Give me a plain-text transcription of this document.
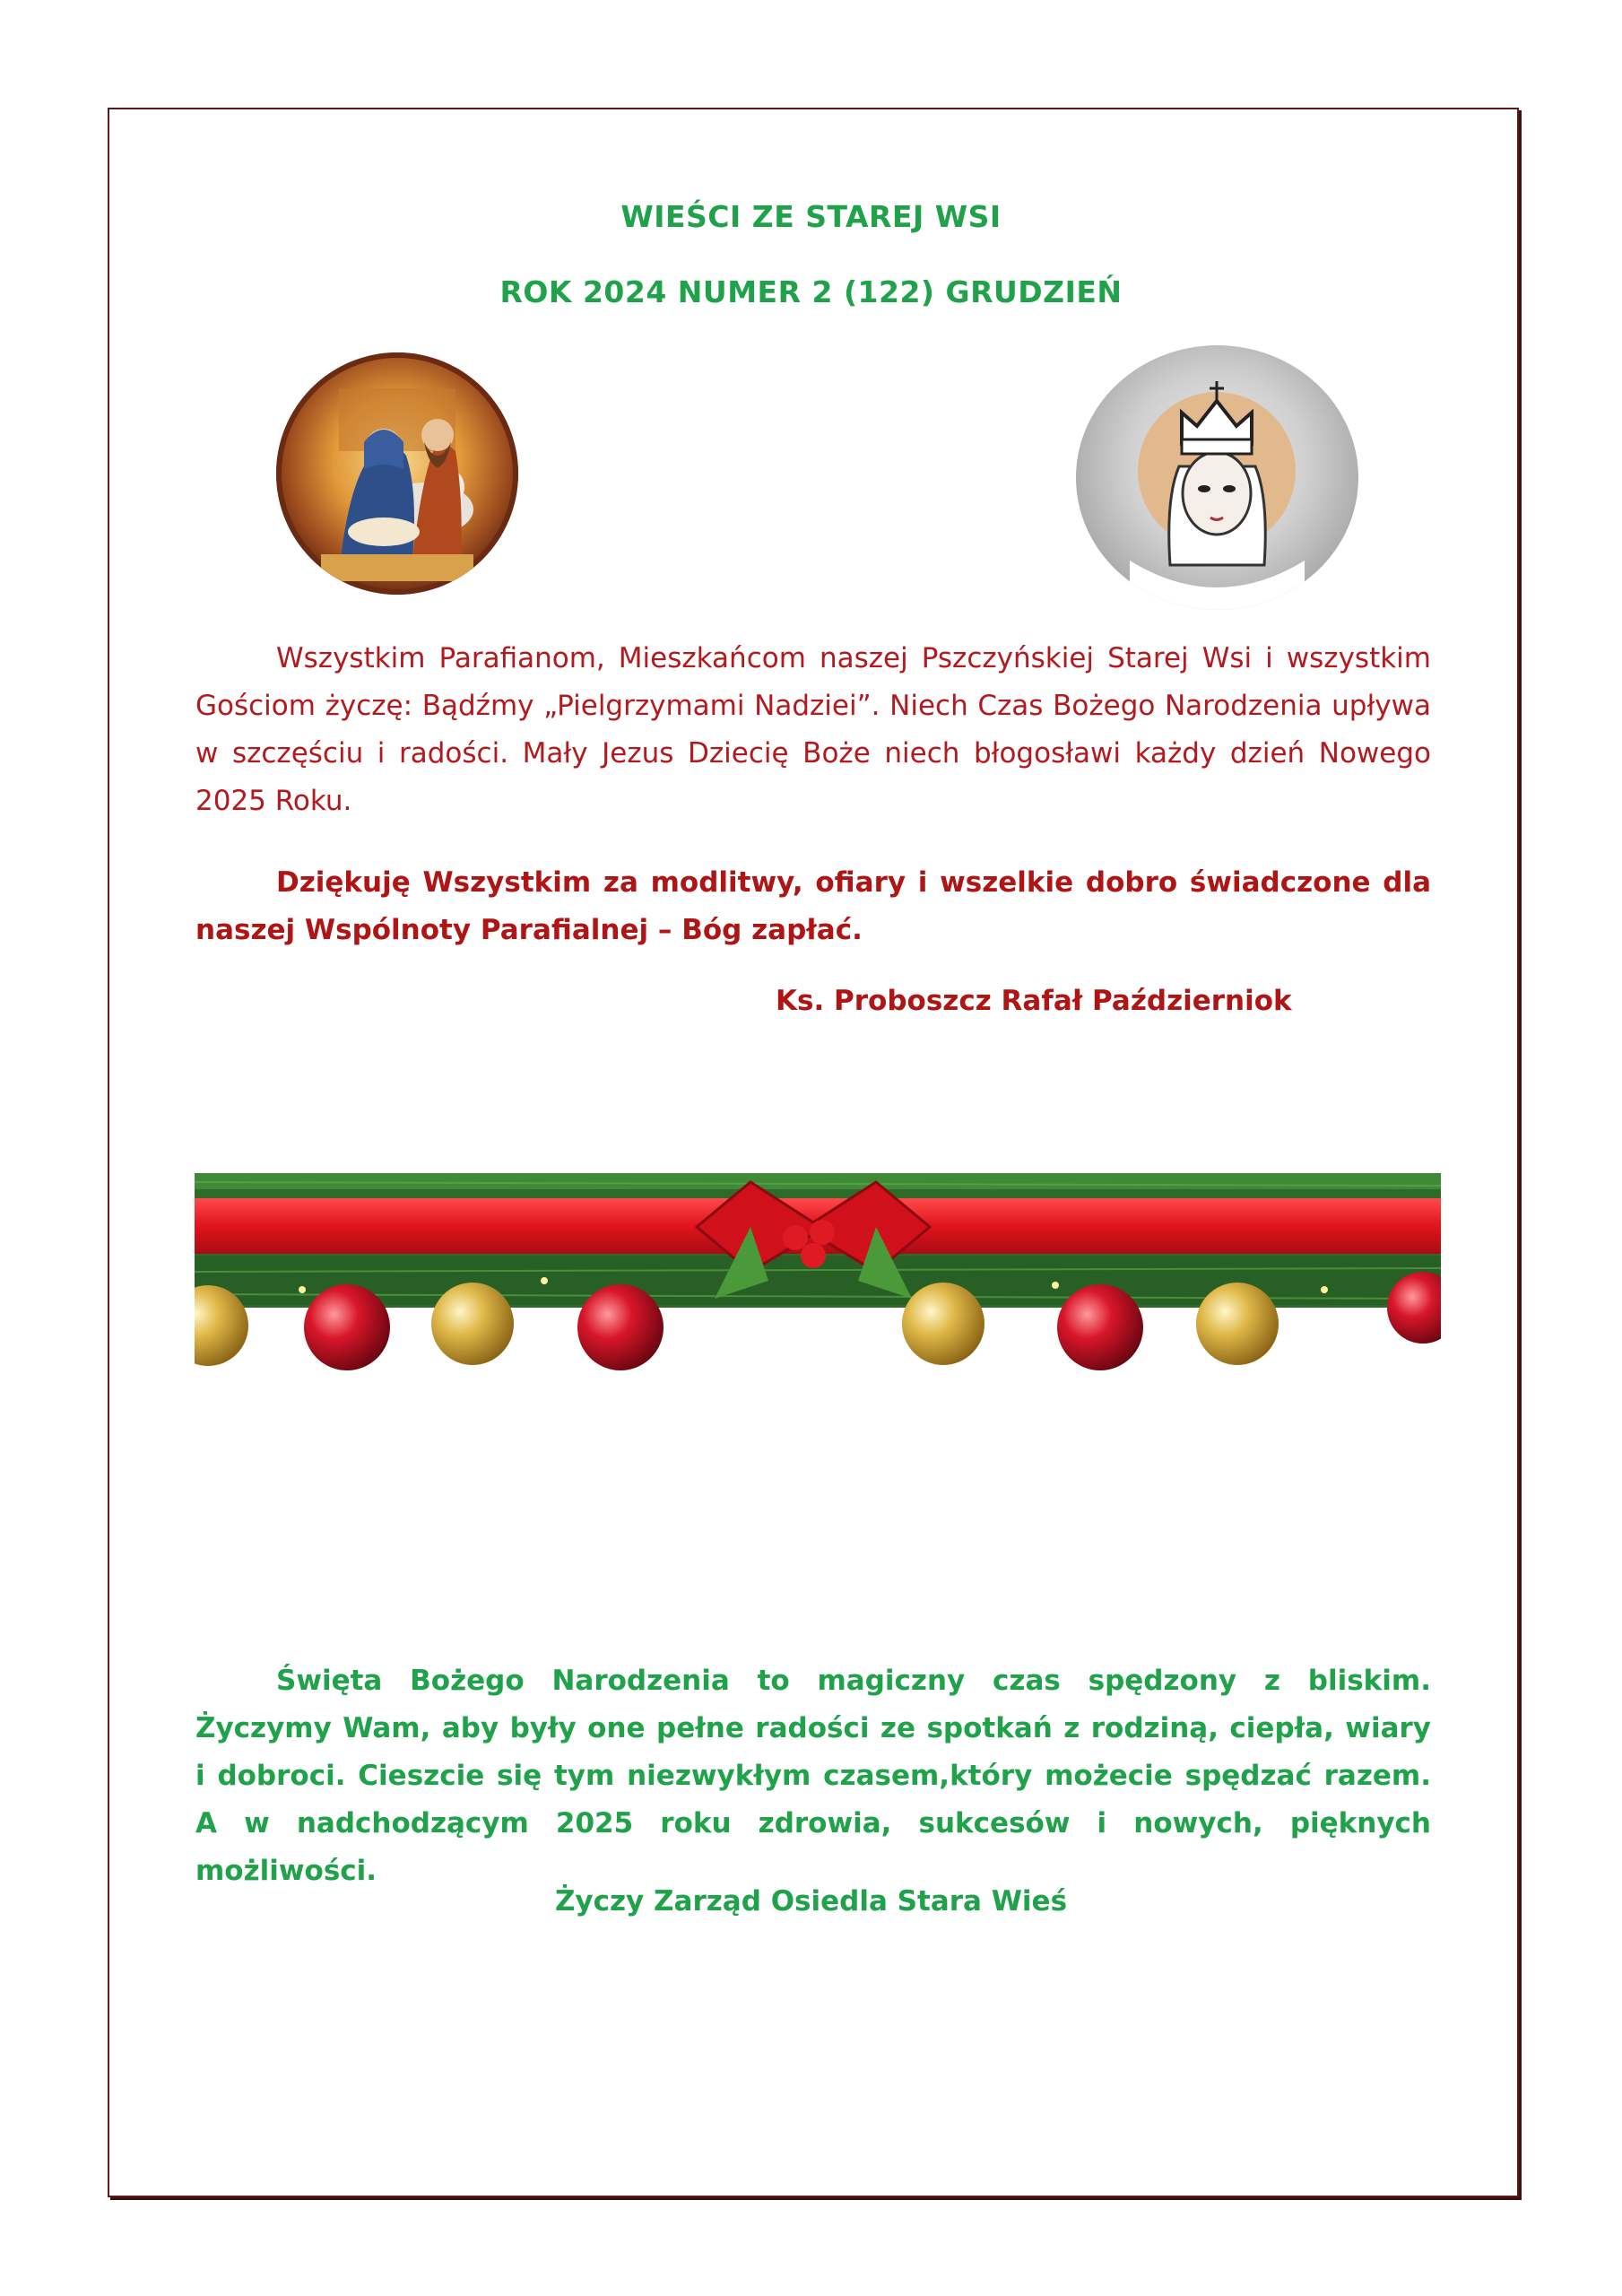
WIEŚCI ZE STAREJ WSI
ROK 2024 NUMER 2 (122) GRUDZIEŃ
Wszystkim Parafianom, Mieszkańcom naszej Pszczyńskiej Starej Wsi i wszystkim Gościom życzę: Bądźmy „Pielgrzymami Nadziei”. Niech Czas Bożego Narodzenia upływa w szczęściu i radości. Mały Jezus Dziecię Boże niech błogosławi każdy dzień Nowego 2025 Roku.
Dziękuję Wszystkim za modlitwy, ofiary i wszelkie dobro świadczone dla naszej Wspólnoty Parafialnej – Bóg zapłać.
Ks. Proboszcz Rafał Październiok
Święta Bożego Narodzenia to magiczny czas spędzony z bliskim. Życzymy Wam, aby były one pełne radości ze spotkań z rodziną, ciepła, wiary i dobroci. Cieszcie się tym niezwykłym czasem,który możecie spędzać razem. A w nadchodzącym 2025 roku zdrowia, sukcesów i nowych, pięknych możliwości.
Życzy Zarząd Osiedla Stara Wieś
